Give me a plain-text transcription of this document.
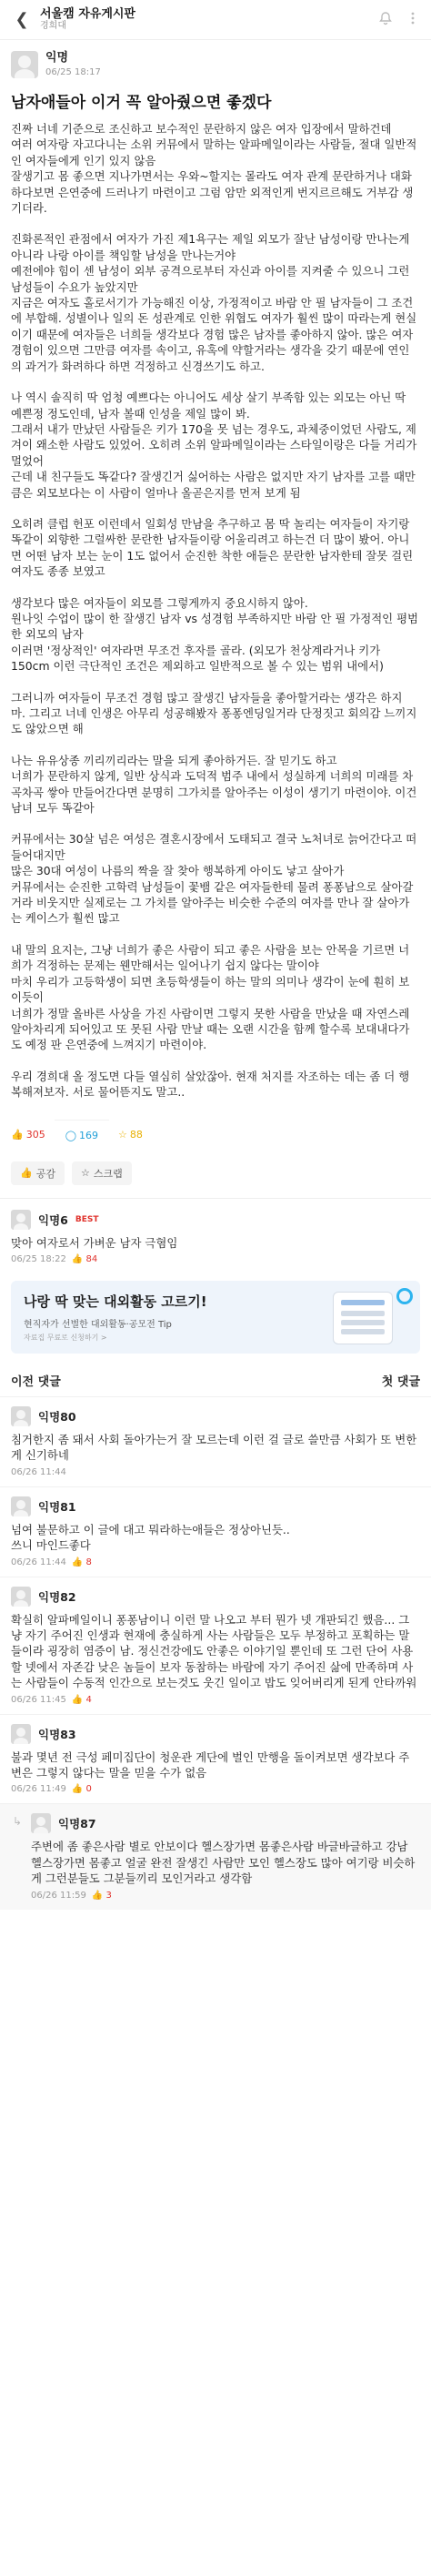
❮ 서울캠 자유게시판
경희대
익명
06/25 18:17
남자애들아 이거 꼭 알아줬으면 좋겠다

진짜 너네 기준으로 조신하고 보수적인 문란하지 않은 여자 입장에서 말하건데
여러 여자랑 자고다니는 소위 커뮤에서 말하는 알파메일이라는 사람들, 절대 일반적인 여자들에게 인기 있지 않음
잘생기고 몸 좋으면 지나가면서는 우와~할지는 몰라도 여자 관계 문란하거나 대화하다보면 은연중에 드러나기 마련이고 그럼 암만 외적인게 번지르르해도 거부감 생기더라.

진화론적인 관점에서 여자가 가진 제1욕구는 제일 외모가 잘난 남성이랑 만나는게 아니라 나랑 아이를 책임할 남성을 만나는거야
예전에야 힘이 센 남성이 외부 공격으로부터 자신과 아이를 지켜줄 수 있으니 그런 남성들이 수요가 높았지만
지금은 여자도 홀로서기가 가능해진 이상, 가정적이고 바람 안 필 남자들이 그 조건에 부합해. 성별이나 일의 돈 성관계로 인한 위협도 여자가 훨씬 많이 따라는게 현실이기 때문에 여자들은 너희들 생각보다 경험 많은 남자를 좋아하지 않아. 많은 여자경험이 있으면 그만큼 여자를 속이고, 유혹에 약할거라는 생각을 갖기 때문에 연인의 과거가 화려하다 하면 걱정하고 신경쓰기도 하고.

나 역시 솔직히 딱 엄청 예쁘다는 아니어도 세상 살기 부족함 있는 외모는 아닌 딱 예쁜정 정도인데, 남자 볼때 인성을 제일 많이 봐.
그래서 내가 만났던 사람들은 키가 170을 못 넘는 경우도, 과체중이었던 사람도, 제겨이 왜소한 사람도 있었어. 오히려 소위 알파메일이라는 스타일이랑은 다들 거리가 멀었어
근데 내 친구들도 똑같다? 잘생긴거 싫어하는 사람은 없지만 자기 남자를 고를 때만큼은 외모보다는 이 사람이 얼마나 올곧은지를 먼저 보게 됨

오히려 클럽 헌포 이런데서 일회성 만남을 추구하고 몸 딱 놀리는 여자들이 자기랑 똑같이 외향한 그럴싸한 문란한 남자들이랑 어울리려고 하는건 더 많이 봤어. 아니면 어떤 남자 보는 눈이 1도 없어서 순진한 착한 애들은 문란한 남자한테 잘못 걸린 여자도 종종 보였고

생각보다 많은 여자들이 외모를 그렇게까지 중요시하지 않아.
원나잇 수업이 많이 한 잘생긴 남자 vs 성경험 부족하지만 바람 안 필 가정적인 평범한 외모의 남자
이러면 '정상적인' 여자라면 무조건 후자를 골라. (외모가 천상계라거나 키가 150cm 이런 극단적인 조건은 제외하고 일반적으로 볼 수 있는 범위 내에서)

그러니까 여자들이 무조건 경험 많고 잘생긴 남자들을 좋아할거라는 생각은 하지 마. 그리고 너네 인생은 아무리 성공해봤자 퐁퐁엔딩일거라 단정짓고 회의감 느끼지도 않았으면 해

나는 유유상종 끼리끼리라는 말을 되게 좋아하거든. 잘 믿기도 하고
너희가 문란하지 않게, 일반 상식과 도덕적 범주 내에서 성실하게 너희의 미래를 차곡차곡 쌓아 만들어간다면 분명히 그가치를 알아주는 이성이 생기기 마련이야. 이건 남녀 모두 똑같아

커뮤에서는 30살 넘은 여성은 결혼시장에서 도태되고 결국 노처녀로 늙어간다고 떠들어대지만
많은 30대 여성이 나름의 짝을 잘 찾아 행복하게 아이도 낳고 살아가
커뮤에서는 순진한 고학력 남성들이 꽃뱀 같은 여자들한테 물려 퐁퐁남으로 살아갈거라 비웃지만 실제로는 그 가치를 알아주는 비슷한 수준의 여자를 만나 잘 살아가는 케이스가 훨씬 많고

내 말의 요지는, 그냥 너희가 좋은 사람이 되고 좋은 사람을 보는 안목을 기르면 너희가 걱정하는 문제는 웬만해서는 일어나기 쉽지 않다는 말이야
마치 우리가 고등학생이 되면 초등학생들이 하는 말의 의미나 생각이 눈에 훤히 보이듯이
너희가 정말 올바른 사상을 가진 사람이면 그렇지 못한 사람을 만났을 때 자연스레 알아차리게 되어있고 또 못된 사람 만날 때는 오랜 시간을 함께 할수록 보대내다가도 예정 판 은연중에 느껴지기 마련이야.

우리 경희대 올 정도면 다들 열심히 살았잖아. 현재 처지를 자조하는 데는 좀 더 행복해져보자. 서로 물어뜯지도 말고..

👍 305 ◯ 169 ☆ 88
👍 공감	☆ 스크랩
익명6 BEST
맞아 여자로서 가벼운 남자 극혐임
06/25 18:22 👍 84
나랑 딱 맞는 대외활동 고르기!
현직자가 선별한 대외활동·공모전 Tip
자료집 무료로 신청하기 >
이전 댓글	첫 댓글
익명80
침거한지 좀 돼서 사회 돌아가는거 잘 모르는데 이런 걸 글로 쓸만큼 사회가 또 변한게 신기하네
06/26 11:44
익명81
넘여 불문하고 이 글에 대고 뭐라하는애들은 정상아닌듯..
쓰니 마인드좋다
06/26 11:44 👍 8
익명82
확실히 알파메일이니 퐁퐁남이니 이런 말 나오고 부터 뭔가 넷 개판되긴 했음... 그냥 자기 주어진 인생과 현재에 충실하게 사는 사람들은 모두 부정하고 포획하는 말들이라 굉장히 염증이 남. 정신건강에도 안좋은 이야기일 뿐인데 또 그런 단어 사용할 넷에서 자존감 낮은 놈들이 보자 동참하는 바람에 자기 주어진 삶에 만족하며 사는 사람들이 수동적 인간으로 보는것도 웃긴 일이고 밥도 잊어버리게 된게 안타까워
06/26 11:45 👍 4
익명83
불과 몇년 전 극성 페미집단이 청운관 게단에 벌인 만행을 돌이켜보면 생각보다 주변은 그렇지 않다는 말을 믿을 수가 없음
06/26 11:49 👍 0
↳	익명87
주변에 좀 좋은사람 별로 안보이다 헬스장가면 몸좋은사람 바글바글하고 강남 헬스장가면 몸좋고 얼굴 완전 잘생긴 사람만 모인 헬스장도 많아 여기랑 비슷하게 그런분들도 그분들끼리 모인거라고 생각함
06/26 11:59 👍 3
